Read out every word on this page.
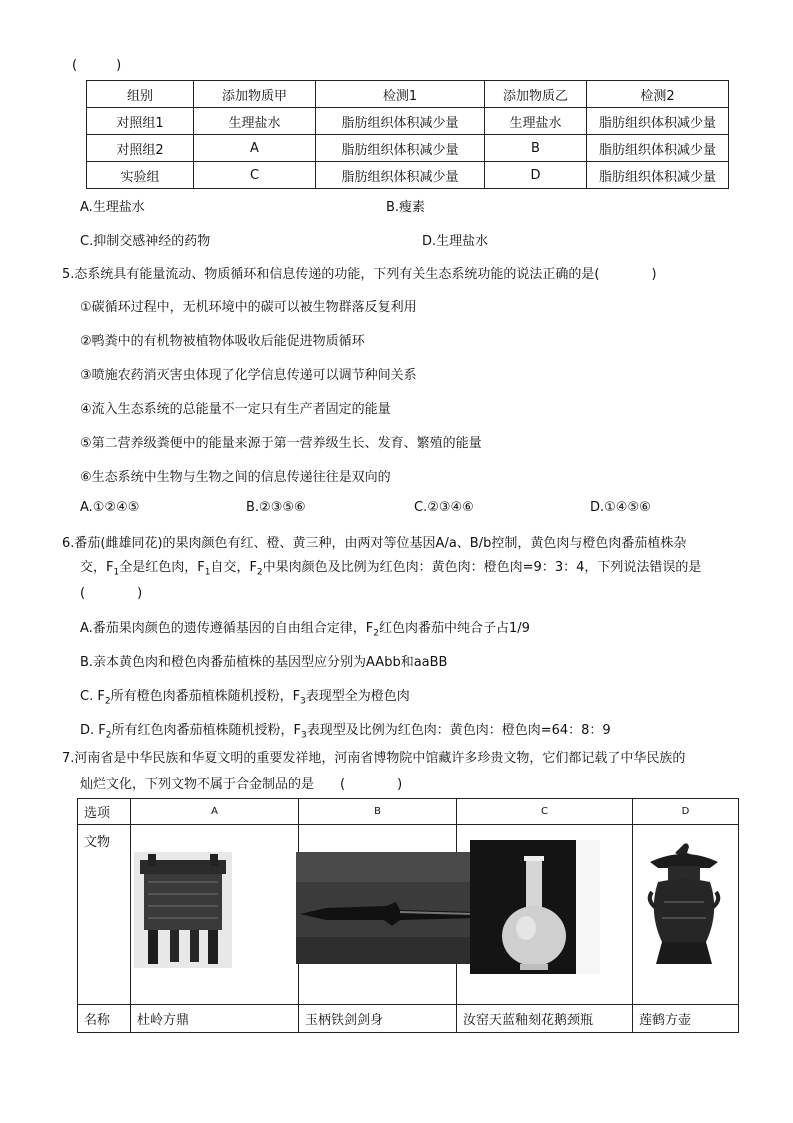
(　　　)
组别	添加物质甲	检测1	添加物质乙	检测2
对照组1	生理盐水	脂肪组织体积减少量	生理盐水	脂肪组织体积减少量
对照组2	A	脂肪组织体积减少量	B	脂肪组织体积减少量
实验组	C	脂肪组织体积减少量	D	脂肪组织体积减少量
A.生理盐水	B.瘦素
C.抑制交感神经的药物	D.生理盐水
5.态系统具有能量流动、物质循环和信息传递的功能，下列有关生态系统功能的说法正确的是(　　　　)
①碳循环过程中，无机环境中的碳可以被生物群落反复利用
②鸭粪中的有机物被植物体吸收后能促进物质循环
③喷施农药消灭害虫体现了化学信息传递可以调节种间关系
④流入生态系统的总能量不一定只有生产者固定的能量
⑤第二营养级粪便中的能量来源于第一营养级生长、发育、繁殖的能量
⑥生态系统中生物与生物之间的信息传递往往是双向的
A.①②④⑤	B.②③⑤⑥	C.②③④⑥	D.①④⑤⑥
6.番茄(雌雄同花)的果肉颜色有红、橙、黄三种，由两对等位基因A/a、B/b控制，黄色肉与橙色肉番茄植株杂
交，$F_1$全是红色肉，$F_1$自交，$F_2$中果肉颜色及比例为红色肉：黄色肉：橙色肉=9：3：4，下列说法错误的是
(　　　　)
A.番茄果肉颜色的遗传遵循基因的自由组合定律，$F_2$红色肉番茄中纯合子占1/9
B.亲本黄色肉和橙色肉番茄植株的基因型应分别为AAbb和aaBB
C. $F_2$所有橙色肉番茄植株随机授粉，$F_3$表现型全为橙色肉
D. $F_2$所有红色肉番茄植株随机授粉，$F_3$表现型及比例为红色肉：黄色肉：橙色肉=64：8：9
7.河南省是中华民族和华夏文明的重要发祥地，河南省博物院中馆藏许多珍贵文物，它们都记载了中华民族的
灿烂文化，下列文物不属于合金制品的是　　(　　　　)
选项	A	B	C	D
文物				
名称	杜岭方鼎	玉柄铁剑剑身	汝窑天蓝釉刻花鹅颈瓶	莲鹤方壶
